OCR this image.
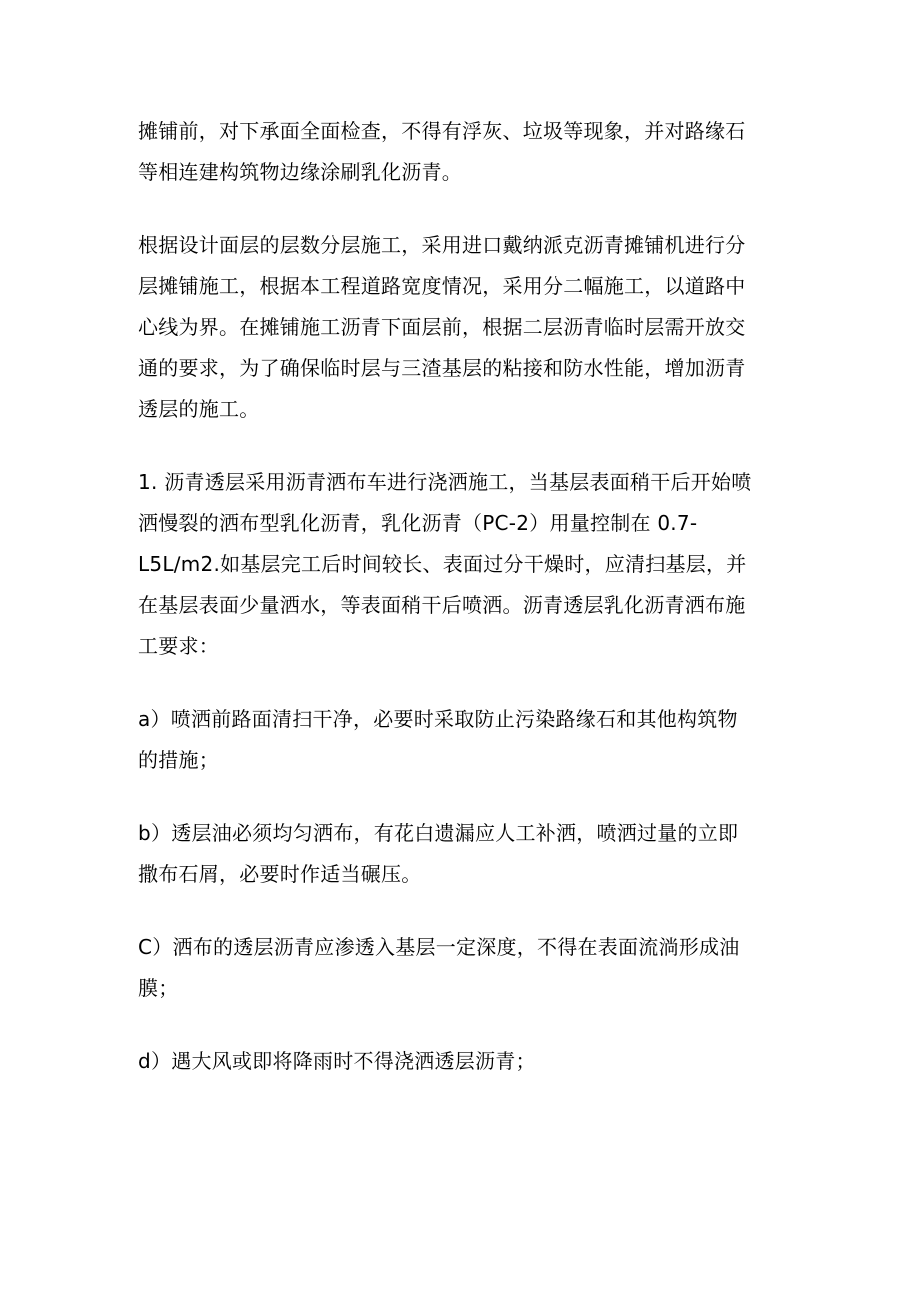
摊铺前，对下承面全面检查，不得有浮灰、垃圾等现象，并对路缘石
等相连建构筑物边缘涂刷乳化沥青。

根据设计面层的层数分层施工，采用进口戴纳派克沥青摊铺机进行分
层摊铺施工，根据本工程道路宽度情况，采用分二幅施工，以道路中
心线为界。在摊铺施工沥青下面层前，根据二层沥青临时层需开放交
通的要求，为了确保临时层与三渣基层的粘接和防水性能，增加沥青
透层的施工。

1. 沥青透层采用沥青洒布车进行浇洒施工，当基层表面稍干后开始喷
洒慢裂的洒布型乳化沥青，乳化沥青（PC-2）用量控制在 0.7-
L5L∕m2.如基层完工后时间较长、表面过分干燥时，应清扫基层，并
在基层表面少量洒水，等表面稍干后喷洒。沥青透层乳化沥青洒布施
工要求：

a）喷洒前路面清扫干净，必要时采取防止污染路缘石和其他构筑物
的措施；

b）透层油必须均匀洒布，有花白遗漏应人工补洒，喷洒过量的立即
撒布石屑，必要时作适当碾压。

C）洒布的透层沥青应渗透入基层一定深度，不得在表面流淌形成油
膜；

d）遇大风或即将降雨时不得浇洒透层沥青；
